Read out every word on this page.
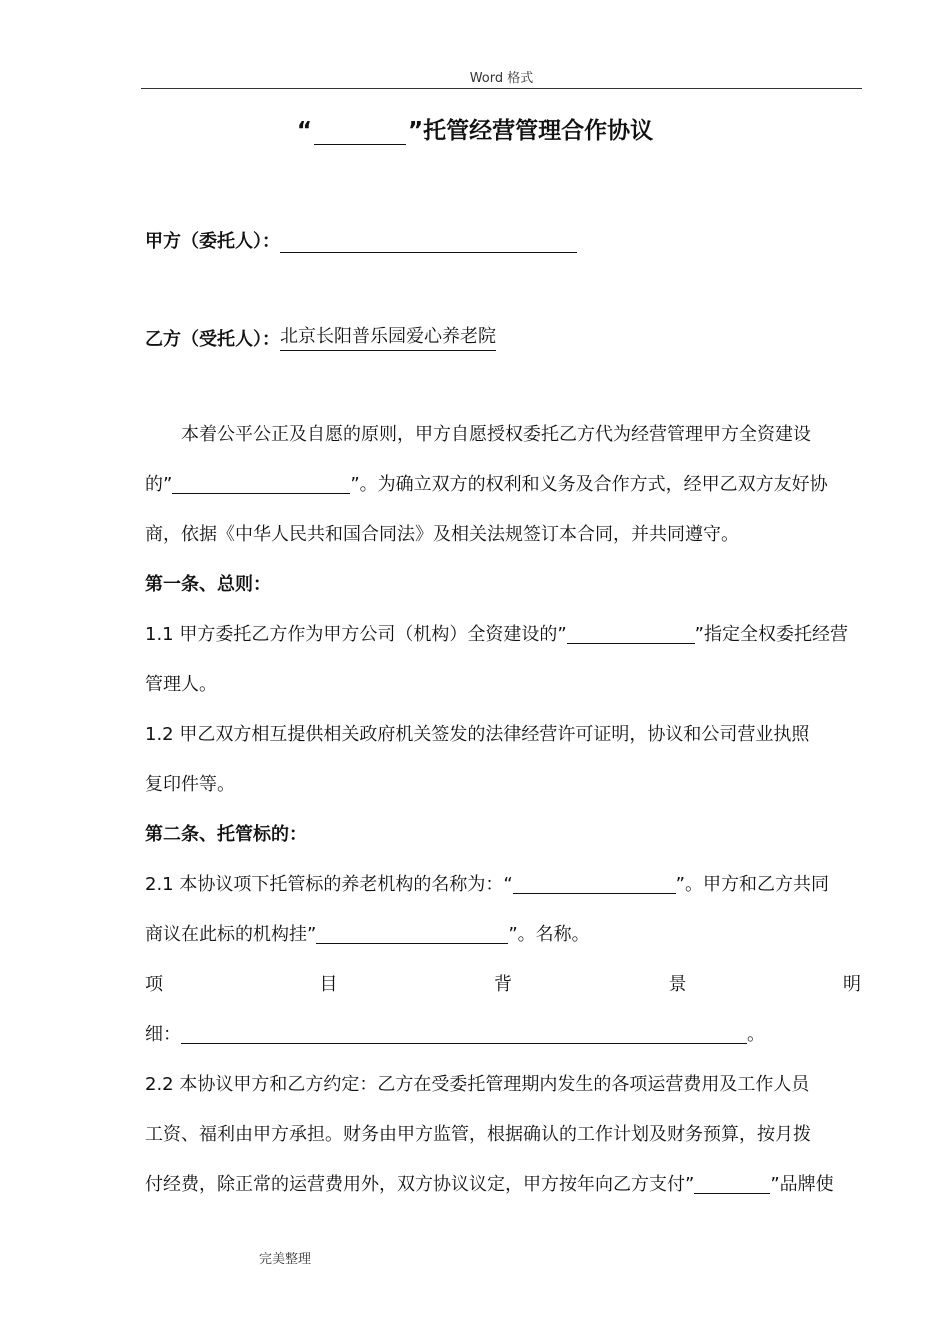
Word 格式
“	”托管经营管理合作协议
甲方（委托人）：
乙方（受托人）：北京长阳普乐园爱心养老院
本着公平公正及自愿的原则，甲方自愿授权委托乙方代为经营管理甲方全资建设
的”	”。为确立双方的权利和义务及合作方式，经甲乙双方友好协
商，依据《中华人民共和国合同法》及相关法规签订本合同，并共同遵守。
第一条、总则：
1.1 甲方委托乙方作为甲方公司（机构）全资建设的”	”指定全权委托经营
管理人。
1.2 甲乙双方相互提供相关政府机关签发的法律经营许可证明，协议和公司营业执照
复印件等。
第二条、托管标的：
2.1 本协议项下托管标的养老机构的名称为：“	”。甲方和乙方共同
商议在此标的机构挂”	”。名称。
项	目	背	景	明
细：	。
2.2 本协议甲方和乙方约定：乙方在受委托管理期内发生的各项运营费用及工作人员
工资、福利由甲方承担。财务由甲方监管，根据确认的工作计划及财务预算，按月拨
付经费，除正常的运营费用外，双方协议议定，甲方按年向乙方支付”	”品牌使
完美整理
